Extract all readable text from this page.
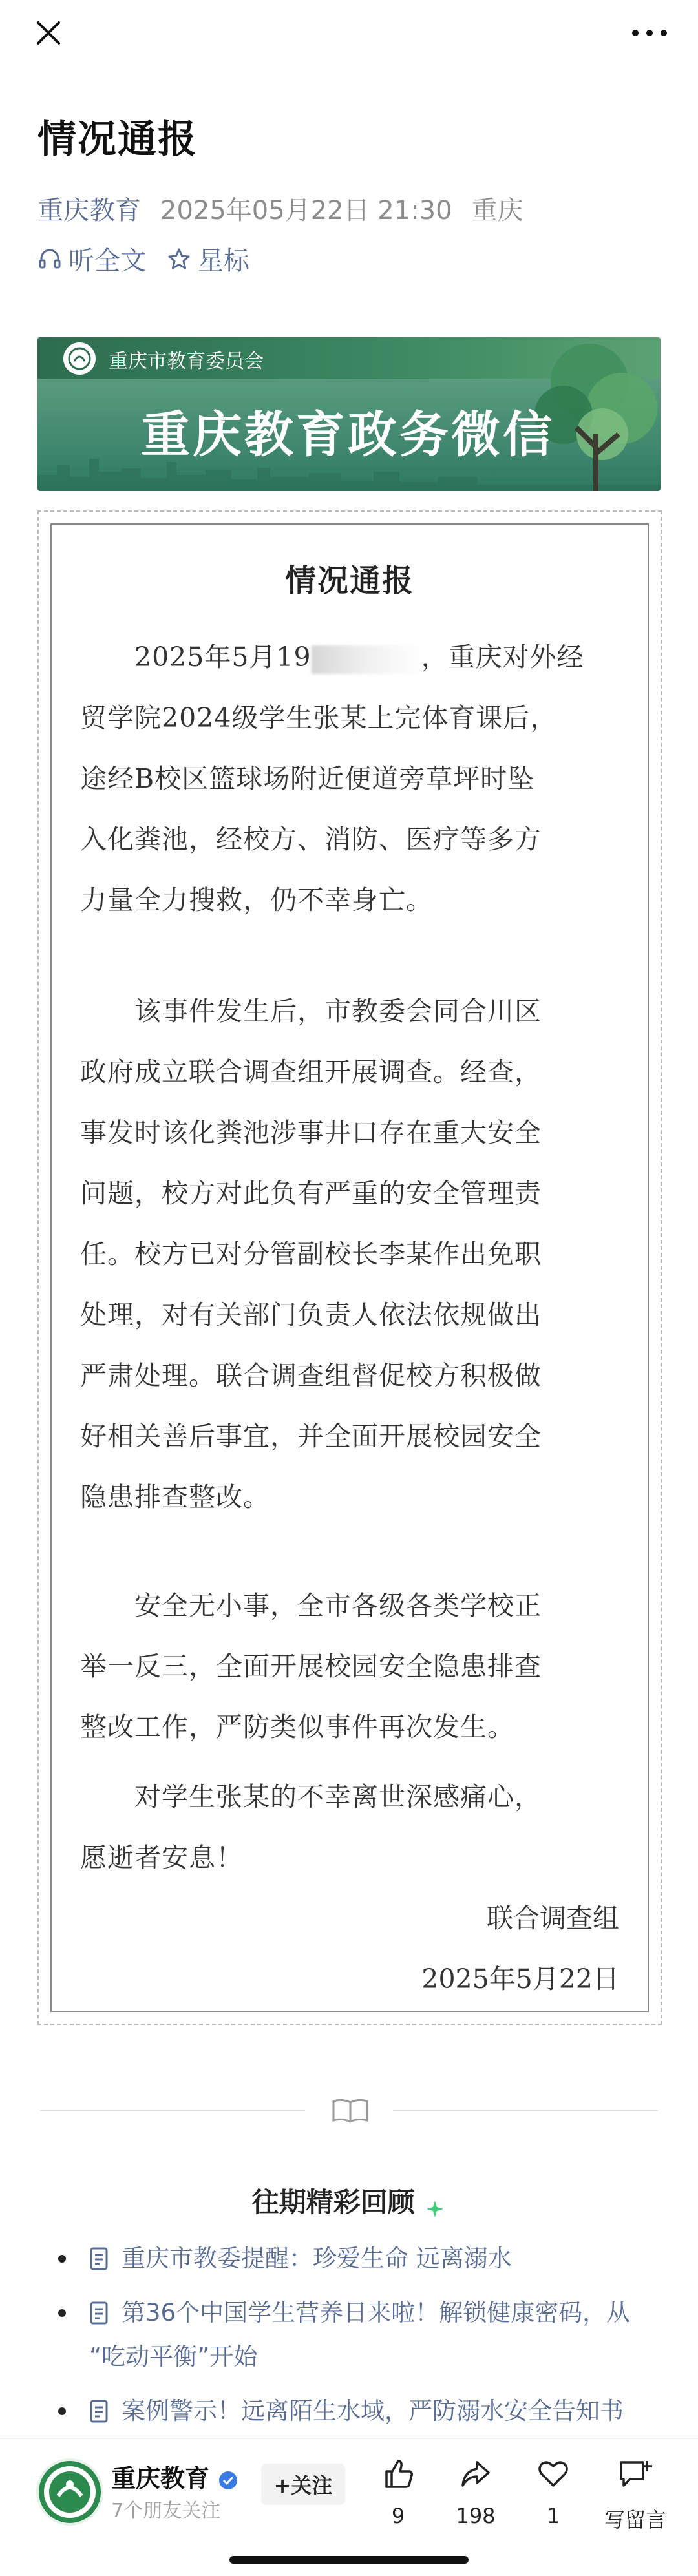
情况通报
重庆教育 2025年05月22日 21:30 重庆
听全文 星标
重庆市教育委员会
重庆教育政务微信
情况通报
2025年5月19	，重庆对外经
贸学院2024级学生张某上完体育课后，
途经B校区篮球场附近便道旁草坪时坠
入化粪池，经校方、消防、医疗等多方
力量全力搜救，仍不幸身亡。
该事件发生后，市教委会同合川区
政府成立联合调查组开展调查。经查，
事发时该化粪池涉事井口存在重大安全
问题，校方对此负有严重的安全管理责
任。校方已对分管副校长李某作出免职
处理，对有关部门负责人依法依规做出
严肃处理。联合调查组督促校方积极做
好相关善后事宜，并全面开展校园安全
隐患排查整改。
安全无小事，全市各级各类学校正
举一反三，全面开展校园安全隐患排查
整改工作，严防类似事件再次发生。
对学生张某的不幸离世深感痛心，
愿逝者安息！
联合调查组
2025年5月22日
往期精彩回顾
重庆市教委提醒：珍爱生命 远离溺水
第36个中国学生营养日来啦！解锁健康密码，从
“吃动平衡”开始
案例警示！远离陌生水域，严防溺水安全告知书
重庆教育
7个朋友关注
+关注
9	198	1	写留言
